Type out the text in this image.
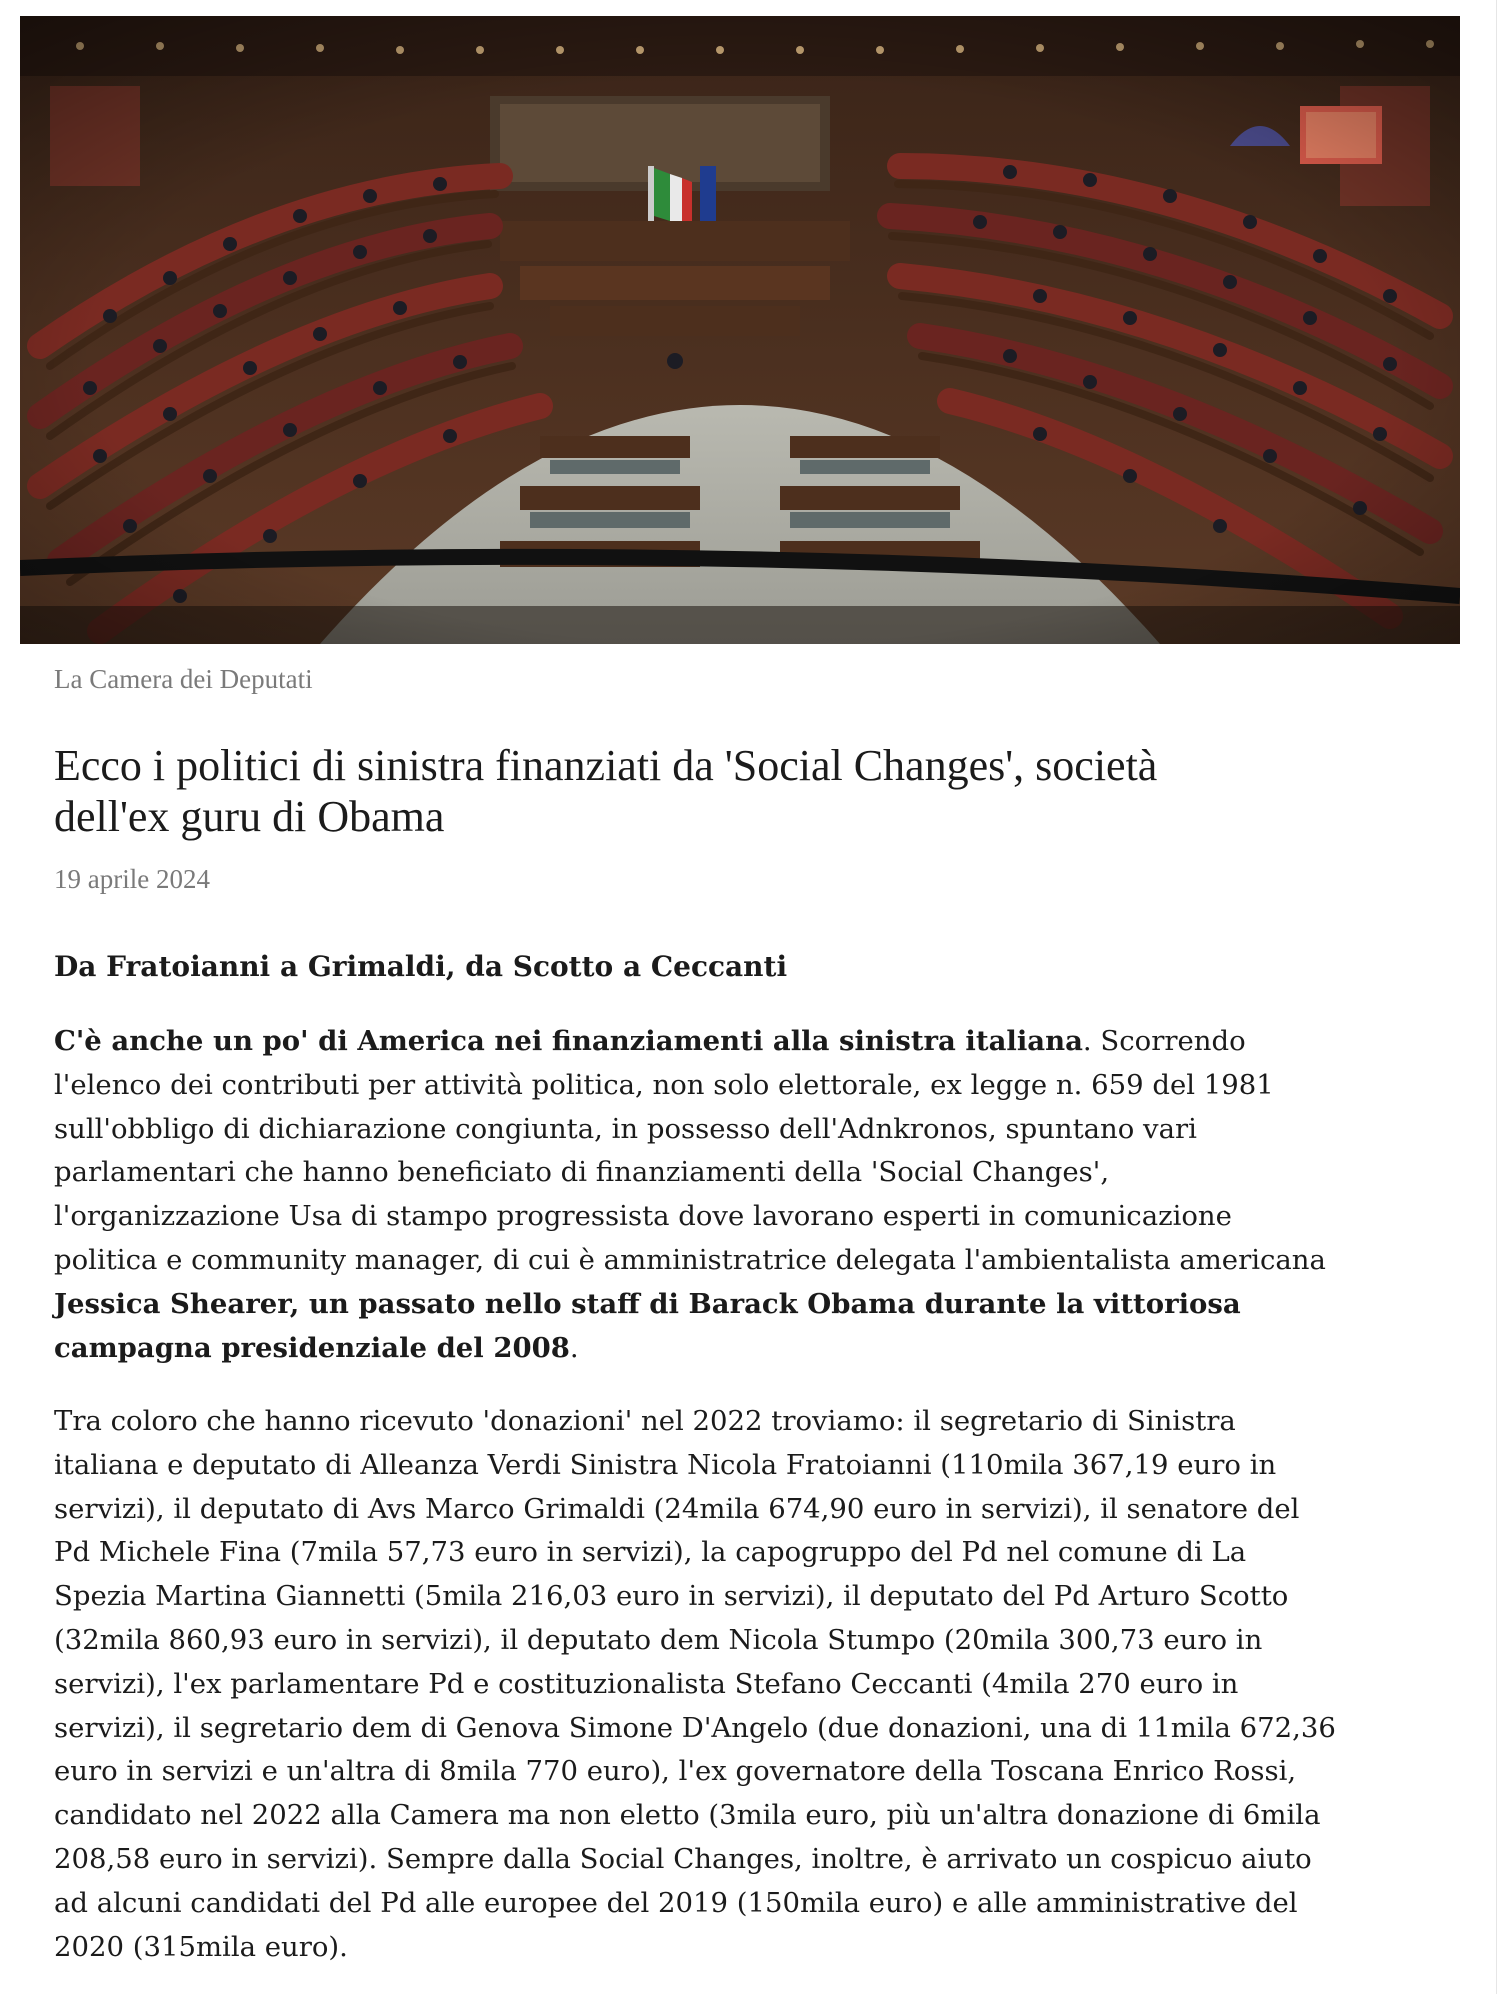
La Camera dei Deputati

Ecco i politici di sinistra finanziati da 'Social Changes', società
dell'ex guru di Obama

19 aprile 2024

Da Fratoianni a Grimaldi, da Scotto a Ceccanti

C'è anche un po' di America nei finanziamenti alla sinistra italiana. Scorrendo
l'elenco dei contributi per attività politica, non solo elettorale, ex legge n. 659 del 1981
sull'obbligo di dichiarazione congiunta, in possesso dell'Adnkronos, spuntano vari
parlamentari che hanno beneficiato di finanziamenti della 'Social Changes',
l'organizzazione Usa di stampo progressista dove lavorano esperti in comunicazione
politica e community manager, di cui è amministratrice delegata l'ambientalista americana
Jessica Shearer, un passato nello staff di Barack Obama durante la vittoriosa
campagna presidenziale del 2008.

Tra coloro che hanno ricevuto 'donazioni' nel 2022 troviamo: il segretario di Sinistra
italiana e deputato di Alleanza Verdi Sinistra Nicola Fratoianni (110mila 367,19 euro in
servizi), il deputato di Avs Marco Grimaldi (24mila 674,90 euro in servizi), il senatore del
Pd Michele Fina (7mila 57,73 euro in servizi), la capogruppo del Pd nel comune di La
Spezia Martina Giannetti (5mila 216,03 euro in servizi), il deputato del Pd Arturo Scotto
(32mila 860,93 euro in servizi), il deputato dem Nicola Stumpo (20mila 300,73 euro in
servizi), l'ex parlamentare Pd e costituzionalista Stefano Ceccanti (4mila 270 euro in
servizi), il segretario dem di Genova Simone D'Angelo (due donazioni, una di 11mila 672,36
euro in servizi e un'altra di 8mila 770 euro), l'ex governatore della Toscana Enrico Rossi,
candidato nel 2022 alla Camera ma non eletto (3mila euro, più un'altra donazione di 6mila
208,58 euro in servizi). Sempre dalla Social Changes, inoltre, è arrivato un cospicuo aiuto
ad alcuni candidati del Pd alle europee del 2019 (150mila euro) e alle amministrative del
2020 (315mila euro).
